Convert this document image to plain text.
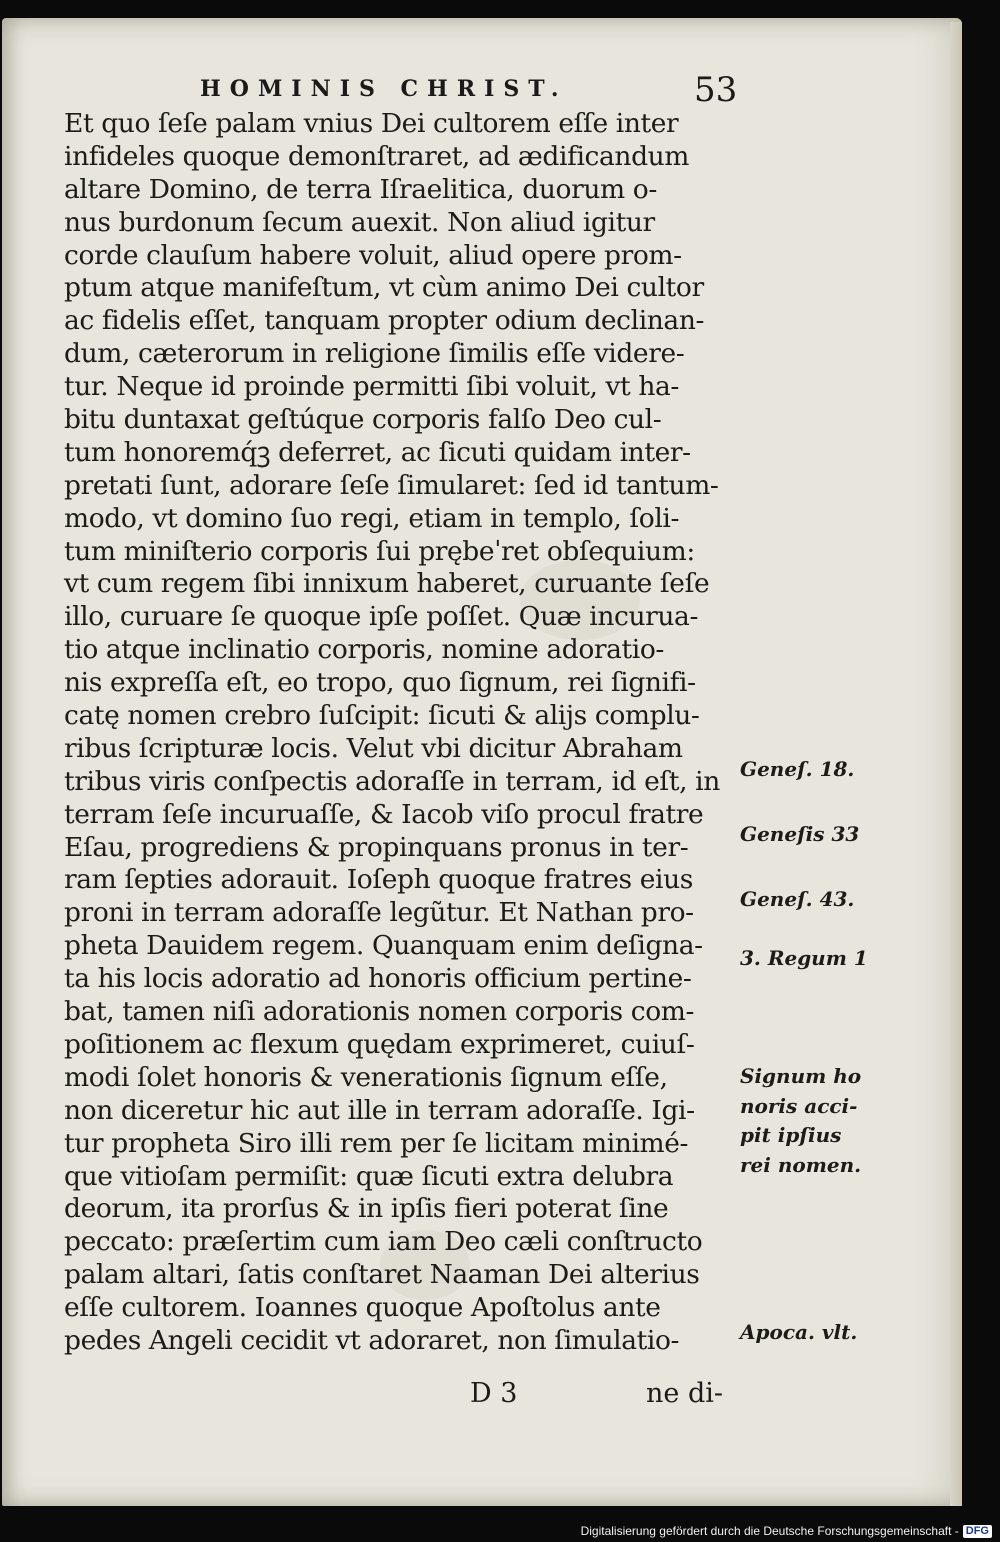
HOMINIS CHRIST.	53
Et quo ſeſe palam vnius Dei cultorem eſſe inter
infideles quoque demonſtraret, ad ædificandum
altare Domino, de terra Iſraelitica, duorum o-
nus burdonum ſecum auexit. Non aliud igitur
corde clauſum habere voluit, aliud opere prom-
ptum atque manifeſtum, vt cùm animo Dei cultor
ac fidelis eſſet, tanquam propter odium declinan-
dum, cæterorum in religione ſimilis eſſe videre-
tur. Neque id proinde permitti ſibi voluit, vt ha-
bitu duntaxat geſtúque corporis falſo Deo cul-
tum honoremq́ꝫ deferret, ac ſicuti quidam inter-
pretati ſunt, adorare ſeſe ſimularet: ſed id tantum-
modo, vt domino ſuo regi, etiam in templo, ſoli-
tum miniſterio corporis ſui prębeˈret obſequium:
vt cum regem ſibi innixum haberet, curuante ſeſe
illo, curuare ſe quoque ipſe poſſet. Quæ incurua-
tio atque inclinatio corporis, nomine adoratio-
nis expreſſa eſt, eo tropo, quo ſignum, rei ſignifi-
catę nomen crebro ſuſcipit: ſicuti & alijs complu-
ribus ſcripturæ locis. Velut vbi dicitur Abraham
tribus viris conſpectis adoraſſe in terram, id eſt, in
terram ſeſe incuruaſſe, & Iacob viſo procul fratre
Eſau, progrediens & propinquans pronus in ter-
ram ſepties adorauit. Ioſeph quoque fratres eius
proni in terram adoraſſe legũtur. Et Nathan pro-
pheta Dauidem regem. Quanquam enim deſigna-
ta his locis adoratio ad honoris officium pertine-
bat, tamen niſi adorationis nomen corporis com-
poſitionem ac flexum quędam exprimeret, cuiuſ-
modi ſolet honoris & venerationis ſignum eſſe,
non diceretur hic aut ille in terram adoraſſe. Igi-
tur propheta Siro illi rem per ſe licitam minimé-
que vitioſam permiſit: quæ ſicuti extra delubra
deorum, ita prorſus & in ipſis fieri poterat ſine
peccato: præſertim cum iam Deo cæli conſtructo
palam altari, ſatis conſtaret Naaman Dei alterius
eſſe cultorem. Ioannes quoque Apoſtolus ante
pedes Angeli cecidit vt adoraret, non ſimulatio-
Geneſ. 18.
Geneſis 33
Geneſ. 43.
3. Regum 1
Signum ho
noris acci-
pit ipſius
rei nomen.
Apoca. vlt.
D 3	ne di-
Digitalisierung gefördert durch die Deutsche Forschungsgemeinschaft - DFG
